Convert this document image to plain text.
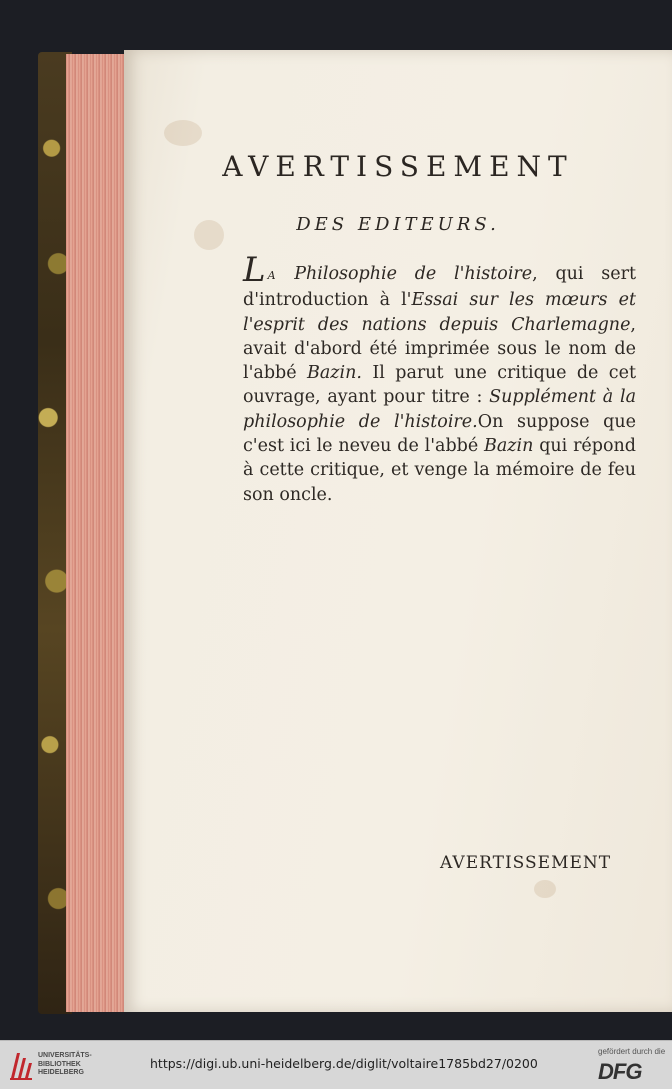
AVERTISSEMENT
DES EDITEURS.
L A Philosophie de l'histoire, qui sert d'introduction à l'Essai sur les mœurs et l'esprit des nations depuis Charlemagne, avait d'abord été imprimée sous le nom de l'abbé Bazin. Il parut une critique de cet ouvrage, ayant pour titre : Supplément à la philosophie de l'histoire.On suppose que c'est ici le neveu de l'abbé Bazin qui répond à cette critique, et venge la mémoire de feu son oncle.
AVERTISSEMENT
UNIVERSITÄTS-
BIBLIOTHEK
HEIDELBERG
https://digi.ub.uni-heidelberg.de/diglit/voltaire1785bd27/0200
gefördert durch die
DFG
